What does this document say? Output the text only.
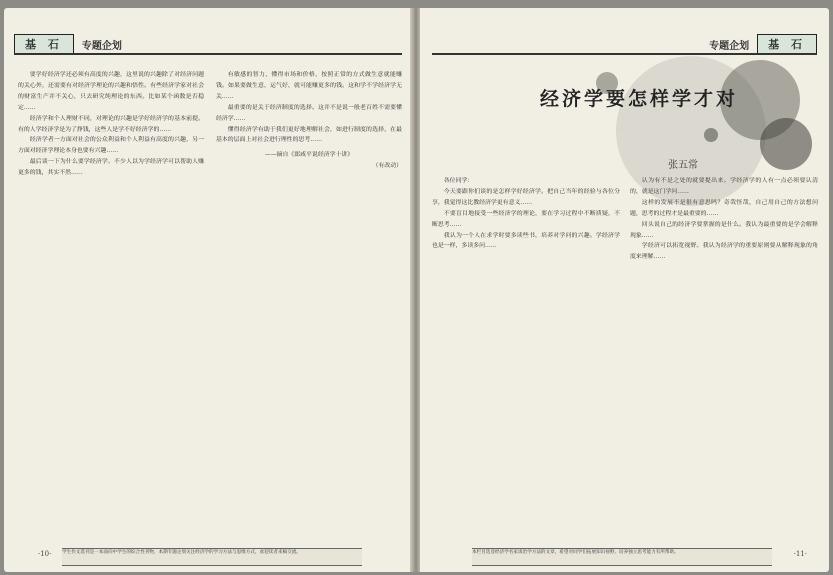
基 石	专题企划

要学好经济学还必须有高度的兴趣，这里说的兴趣除了对经济问题的关心外，还需要有对经济学理论的兴趣和悟性。有些经济学家对社会的财富生产并不关心，只去研究纯理论的东西。比如某个函数是否稳定……

经济学和个人理财不同，对理论的兴趣是学好经济学的基本前提。有的人学经济学是为了挣钱，这些人是学不好经济学的……

经济学者一方面对社会的公众利益和个人利益有高度的兴趣，另一方面对经济学理论本身也要有兴趣……

最后谈一下为什么要学经济学。不少人以为学经济学可以帮助人赚更多的钱，其实不然……

有敏感的智力，懂得市场和价格，按照正常的方式做生意就能赚钱。如果要做生意，运气好，就可能赚更多的钱。这和学不学经济学无关……

最重要的是关于经济制度的选择。这并不是说一般老百姓不需要懂经济学……

懂得经济学有助于我们更好地理解社会，如进行制度的选择，在最基本的层面上对社会进行理性的思考……

——摘自《郎咸平说经济学十讲》

（有改动）

学生作文选刊是一本面向中学生的综合性刊物，本期专题企划关注经济学的学习方法与思维方式，欢迎读者来稿交流。
·10·
专题企划	基 石
经济学要怎样学才对
张五常

各位同学：

今天要跟你们谈的是怎样学好经济学。把自己当年的经验与各位分享，我觉得这比教经济学更有意义……

不要盲目地接受一些经济学的理论，要在学习过程中不断质疑，不断思考……

我认为一个人在求学时要多读些书，培养对学问的兴趣。学经济学也是一样，多读多问……

认为有不是之处的就要提出来。学经济学的人有一点必须要认清的，就是这门学问……

这样的发展不是很有意思吗？奇哉怪哉，自己用自己的方法想问题，思考的过程才是最重要的……

回头说自己的经济学要掌握的是什么。我认为最重要的是学会解释现象……

学经济可以拓宽视野。我认为经济学的重要原则要从解释现象的角度来理解……

本栏目选登经济学名家谈治学方法的文章，希望对同学们拓展知识视野、培养独立思考能力有所帮助。	·11·
